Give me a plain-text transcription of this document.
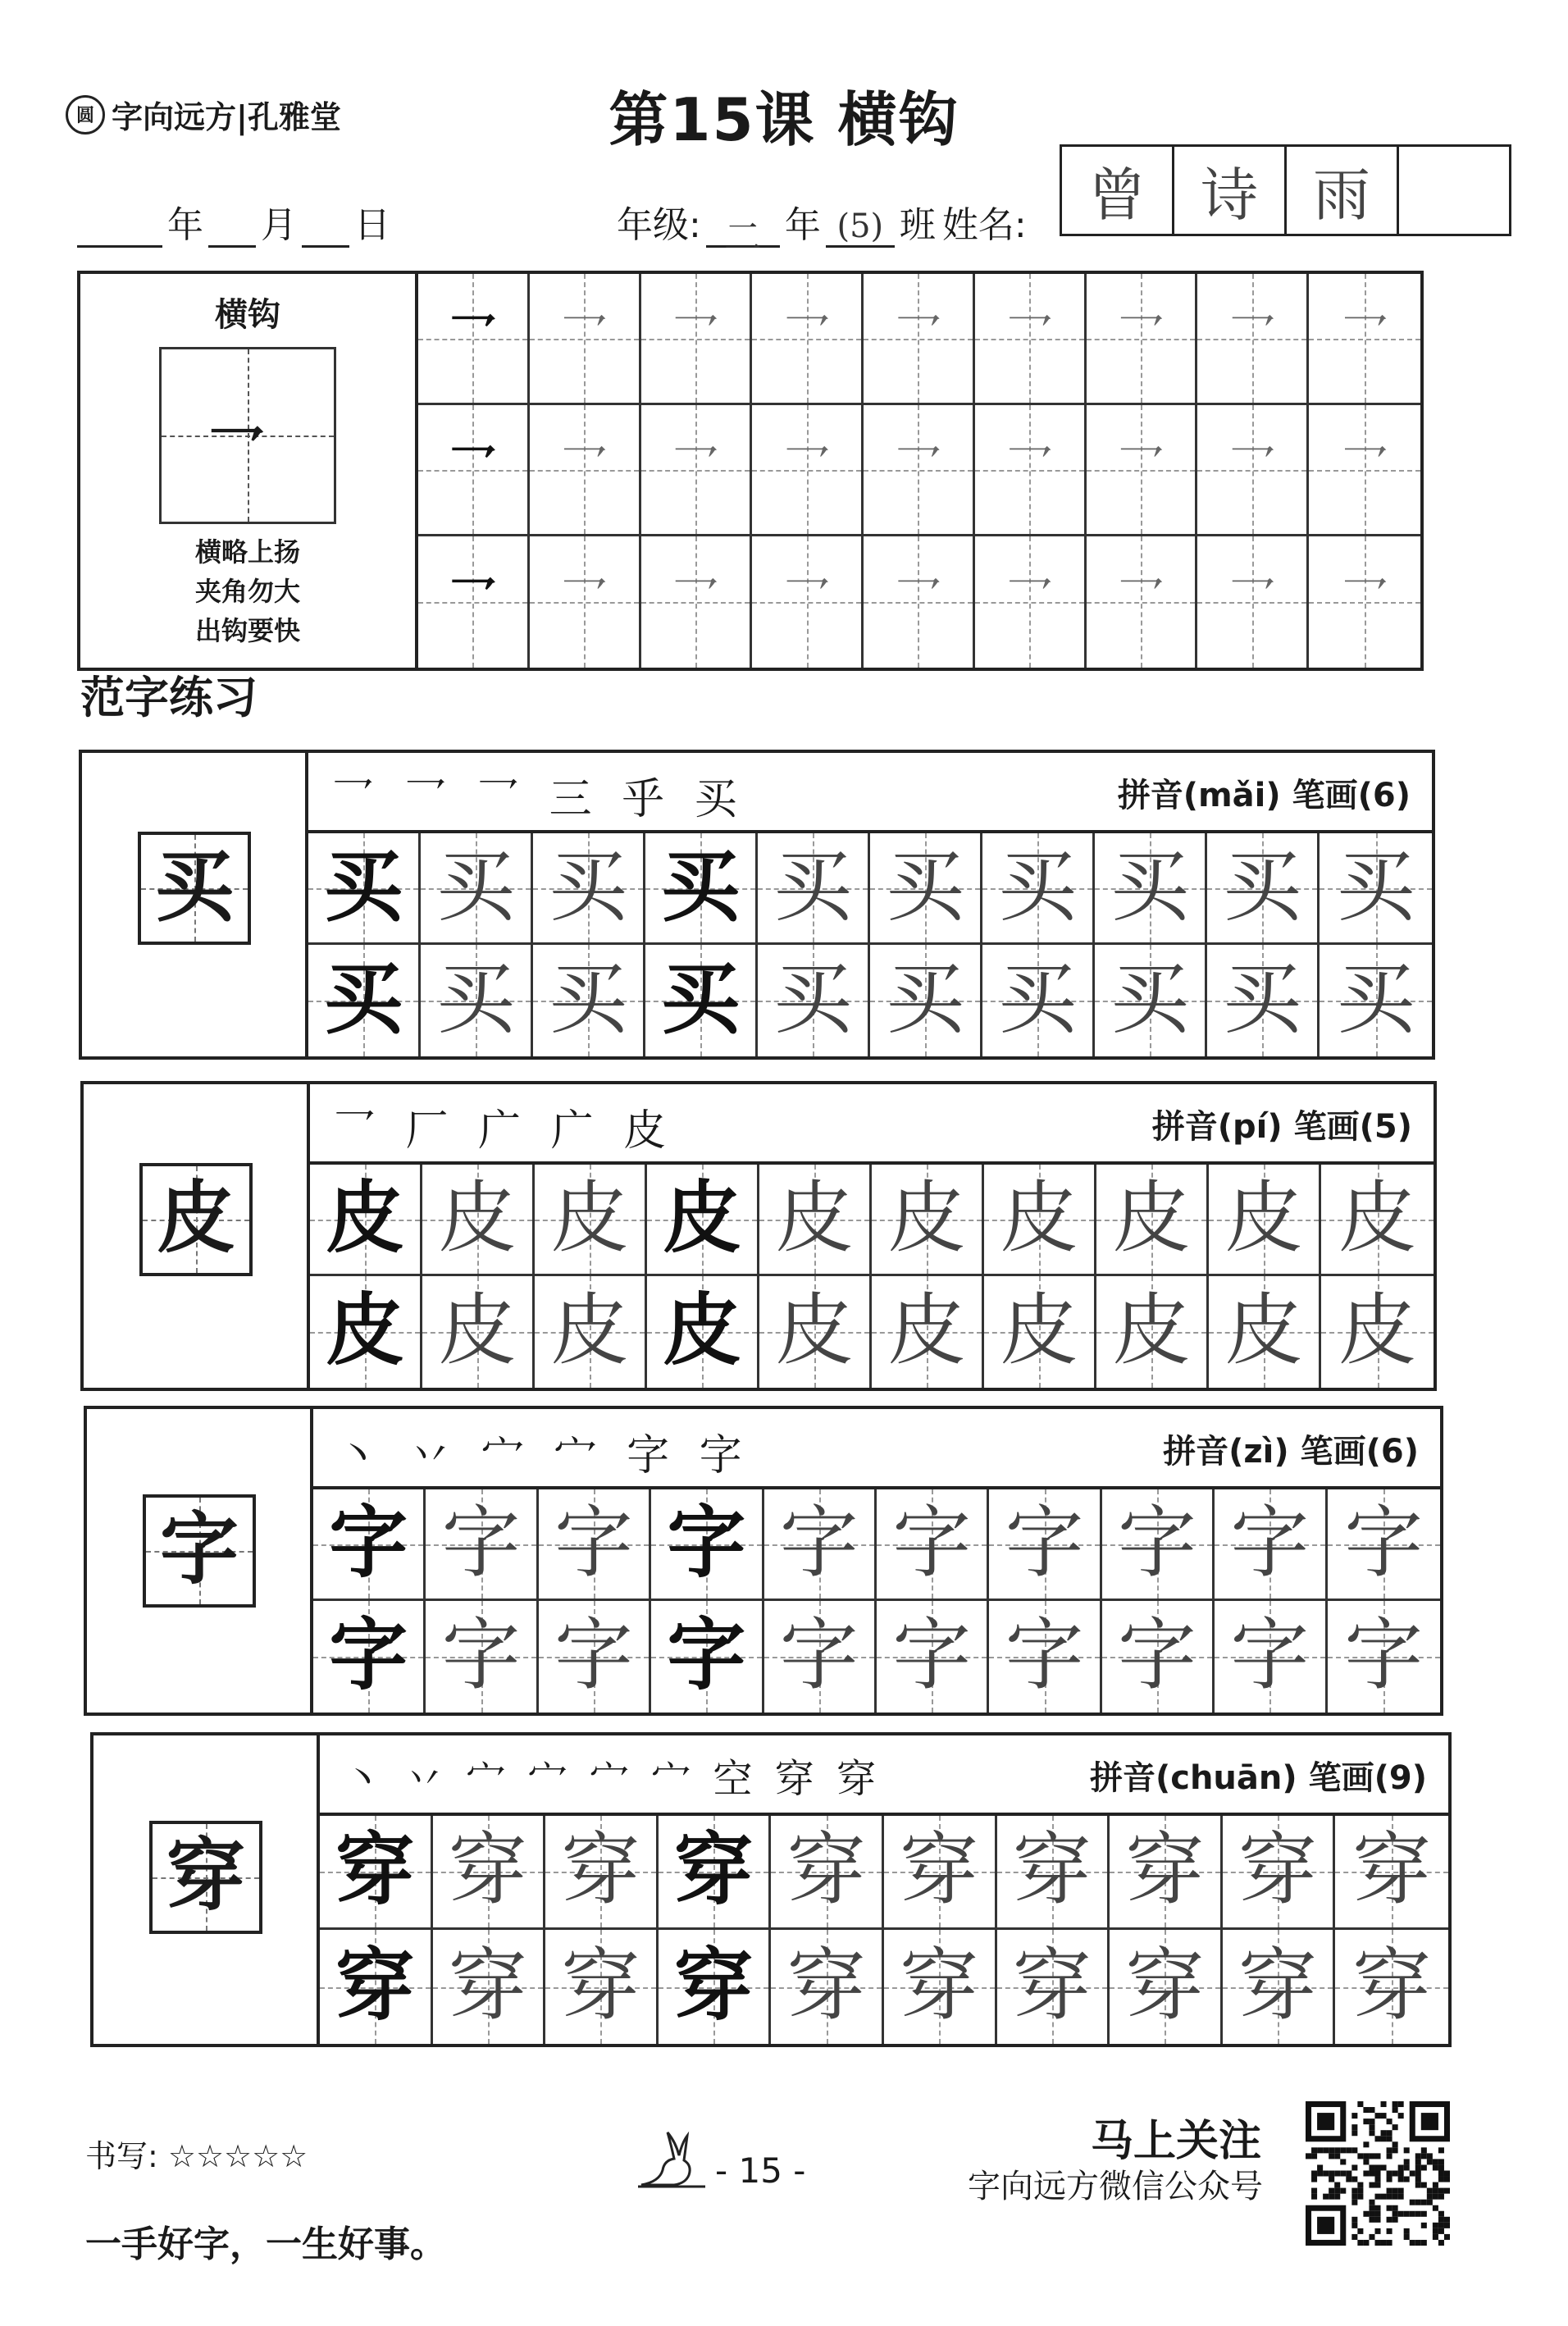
圆 字向远方|孔雅堂	第15课 横钩
年 月 日	年级: 二 年 (5) 班 姓名:	曾 诗 雨
横钩
乛
横略上扬
夹角勿大
出钩要快
乛	乛	乛	乛	乛	乛	乛	乛	乛
乛	乛	乛	乛	乛	乛	乛	乛	乛
乛	乛	乛	乛	乛	乛	乛	乛	乛
范字练习
买
乛 乛 乛 三 乎 买	拼音(mǎi) 笔画(6)
买 买 买 买 买 买 买 买 买 买
买 买 买 买 买 买 买 买 买 买
皮
乛 厂 广 广 皮	拼音(pí) 笔画(5)
皮 皮 皮 皮 皮 皮 皮 皮 皮 皮
皮 皮 皮 皮 皮 皮 皮 皮 皮 皮
字
丶 丷 宀 宀 字 字	拼音(zì) 笔画(6)
字 字 字 字 字 字 字 字 字 字
字 字 字 字 字 字 字 字 字 字
穿
丶 丷 宀 宀 宀 宀 空 穿 穿	拼音(chuān) 笔画(9)
穿 穿 穿 穿 穿 穿 穿 穿 穿 穿
穿 穿 穿 穿 穿 穿 穿 穿 穿 穿
书写: ☆☆☆☆☆	- 15 -
一手好字，一生好事。
马上关注
字向远方微信公众号
